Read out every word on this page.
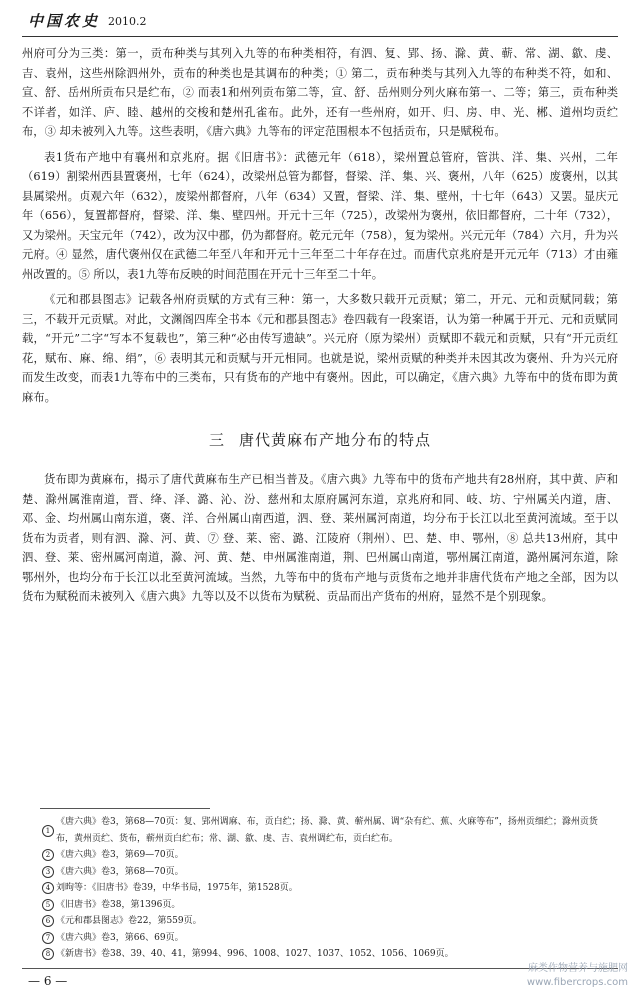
中国农史 2010.2

州府可分为三类：第一，贡布种类与其列入九等的布种类相符，有泗、复、郢、扬、滁、黄、蕲、常、湖、歙、虔、吉、袁州，这些州除泗州外，贡布的种类也是其调布的种类；① 第二，贡布种类与其列入九等的布种类不符，如和、宣、舒、岳州所贡布只是纻布，② 而表1和州列贡布第二等，宣、舒、岳州则分列火麻布第一、二等；第三，贡布种类不详者，如洋、庐、睦、越州的交梭和楚州孔雀布。此外，还有一些州府，如开、归、房、申、光、郴、道州均贡纻布，③ 却未被列入九等。这些表明，《唐六典》九等布的评定范围根本不包括贡布，只是赋税布。

表1货布产地中有襄州和京兆府。据《旧唐书》：武德元年（618），梁州置总管府，管洪、洋、集、兴州，二年（619）割梁州西县置褒州，七年（624），改梁州总管为都督，督梁、洋、集、兴、褒州，八年（625）废褒州，以其县属梁州。贞观六年（632），废梁州都督府，八年（634）又置，督梁、洋、集、壁州，十七年（643）又罢。显庆元年（656），复置都督府，督梁、洋、集、壁四州。开元十三年（725），改梁州为褒州，依旧都督府，二十年（732），又为梁州。天宝元年（742），改为汉中郡，仍为都督府。乾元元年（758），复为梁州。兴元元年（784）六月，升为兴元府。④ 显然，唐代褒州仅在武德二年至八年和开元十三年至二十年存在过。而唐代京兆府是开元元年（713）才由雍州改置的。⑤ 所以，表1九等布反映的时间范围在开元十三年至二十年。

《元和郡县图志》记载各州府贡赋的方式有三种：第一，大多数只载开元贡赋；第二，开元、元和贡赋同载；第三，不载开元贡赋。对此，文渊阁四库全书本《元和郡县图志》卷四载有一段案语，认为第一种属于开元、元和贡赋同载，“开元”二字“写本不复载也”，第三种“必由传写遗缺”。兴元府（原为梁州）贡赋即不载元和贡赋，只有“开元贡红花，赋布、麻、绵、绢”，⑥ 表明其元和贡赋与开元相同。也就是说，梁州贡赋的种类并未因其改为褒州、升为兴元府而发生改变，而表1九等布中的三类布，只有货布的产地中有褒州。因此，可以确定，《唐六典》九等布中的货布即为黄麻布。

三 唐代黄麻布产地分布的特点

货布即为黄麻布，揭示了唐代黄麻布生产已相当普及。《唐六典》九等布中的货布产地共有28州府，其中黄、庐和楚、滁州属淮南道，晋、绛、泽、潞、沁、汾、慈州和太原府属河东道，京兆府和同、岐、坊、宁州属关内道，唐、邓、金、均州属山南东道，褒、洋、合州属山南西道，泗、登、莱州属河南道，均分布于长江以北至黄河流域。至于以货布为贡者，则有泗、滁、河、黄、⑦ 登、莱、密、潞、江陵府（荆州）、巴、楚、申、鄂州，⑧ 总共13州府，其中泗、登、莱、密州属河南道，滁、河、黄、楚、申州属淮南道，荆、巴州属山南道，鄂州属江南道，潞州属河东道，除鄂州外，也均分布于长江以北至黄河流域。当然，九等布中的货布产地与贡货布之地并非唐代货布产地之全部，因为以货布为赋税而未被列入《唐六典》九等以及不以货布为赋税、贡品而出产货布的州府，显然不是个别现象。

1
《唐六典》卷3，第68—70页：复、郢州调麻、布，贡白纻；扬、滁、黄、蕲州属、调“杂有纻、蕉、火麻等布”，扬州贡细纻；滁州贡货布，黄州贡纻、货布，蕲州贡白纻布；常、湖、歙、虔、吉、袁州调纻布，贡白纻布。
2 《唐六典》卷3，第69—70页。
3 《唐六典》卷3，第68—70页。
4 刘昫等：《旧唐书》卷39，中华书局，1975年，第1528页。
5 《旧唐书》卷38，第1396页。
6 《元和郡县图志》卷22，第559页。
7 《唐六典》卷3，第66、69页。
8 《新唐书》卷38、39、40、41，第994、996、1008、1027、1037、1052、1056、1069页。
— 6 —
麻类作物营养与施肥网
www.fibercrops.com
